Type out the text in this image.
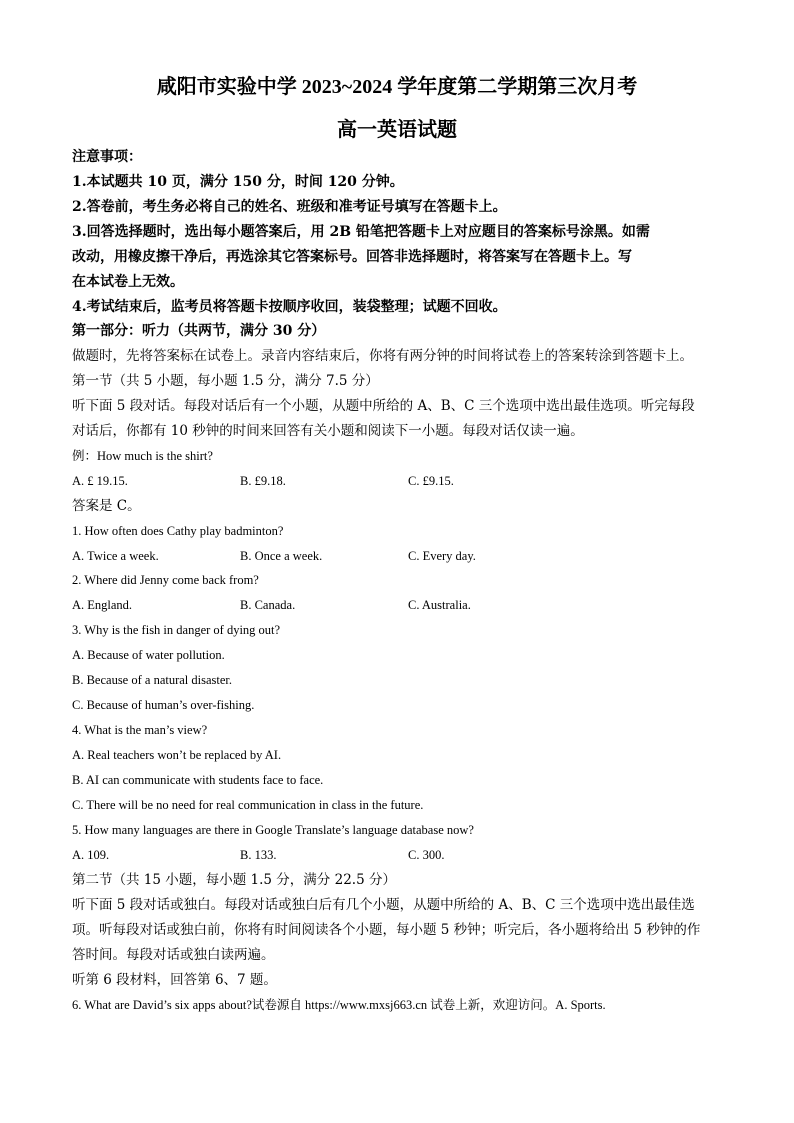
咸阳市实验中学 2023~2024 学年度第二学期第三次月考
高一英语试题
注意事项：
1.本试题共 10 页，满分 150 分，时间 120 分钟。
2.答卷前，考生务必将自己的姓名、班级和准考证号填写在答题卡上。
3.回答选择题时，选出每小题答案后，用 2B 铅笔把答题卡上对应题目的答案标号涂黑。如需
改动，用橡皮擦干净后，再选涂其它答案标号。回答非选择题时，将答案写在答题卡上。写
在本试卷上无效。
4.考试结束后，监考员将答题卡按顺序收回，装袋整理；试题不回收。
第一部分：听力（共两节，满分 30 分）
做题时，先将答案标在试卷上。录音内容结束后，你将有两分钟的时间将试卷上的答案转涂到答题卡上。
第一节（共 5 小题，每小题 1.5 分，满分 7.5 分）
听下面 5 段对话。每段对话后有一个小题，从题中所给的 A、B、C 三个选项中选出最佳选项。听完每段
对话后，你都有 10 秒钟的时间来回答有关小题和阅读下一小题。每段对话仅读一遍。
例：How much is the shirt?
A. £ 19.15.	B. £9.18.	C. £9.15.
答案是 C。
1. How often does Cathy play badminton?
A. Twice a week.	B. Once a week.	C. Every day.
2. Where did Jenny come back from?
A. England.	B. Canada.	C. Australia.
3. Why is the fish in danger of dying out?
A. Because of water pollution.
B. Because of a natural disaster.
C. Because of human’s over-fishing.
4. What is the man’s view?
A. Real teachers won’t be replaced by AI.
B. AI can communicate with students face to face.
C. There will be no need for real communication in class in the future.
5. How many languages are there in Google Translate’s language database now?
A. 109.	B. 133.	C. 300.
第二节（共 15 小题，每小题 1.5 分，满分 22.5 分）
听下面 5 段对话或独白。每段对话或独白后有几个小题，从题中所给的 A、B、C 三个选项中选出最佳选
项。听每段对话或独白前，你将有时间阅读各个小题，每小题 5 秒钟；听完后，各小题将给出 5 秒钟的作
答时间。每段对话或独白读两遍。
听第 6 段材料，回答第 6、7 题。
6. What are David’s six apps about?试卷源自 https://www.mxsj663.cn 试卷上新，欢迎访问。A. Sports.
